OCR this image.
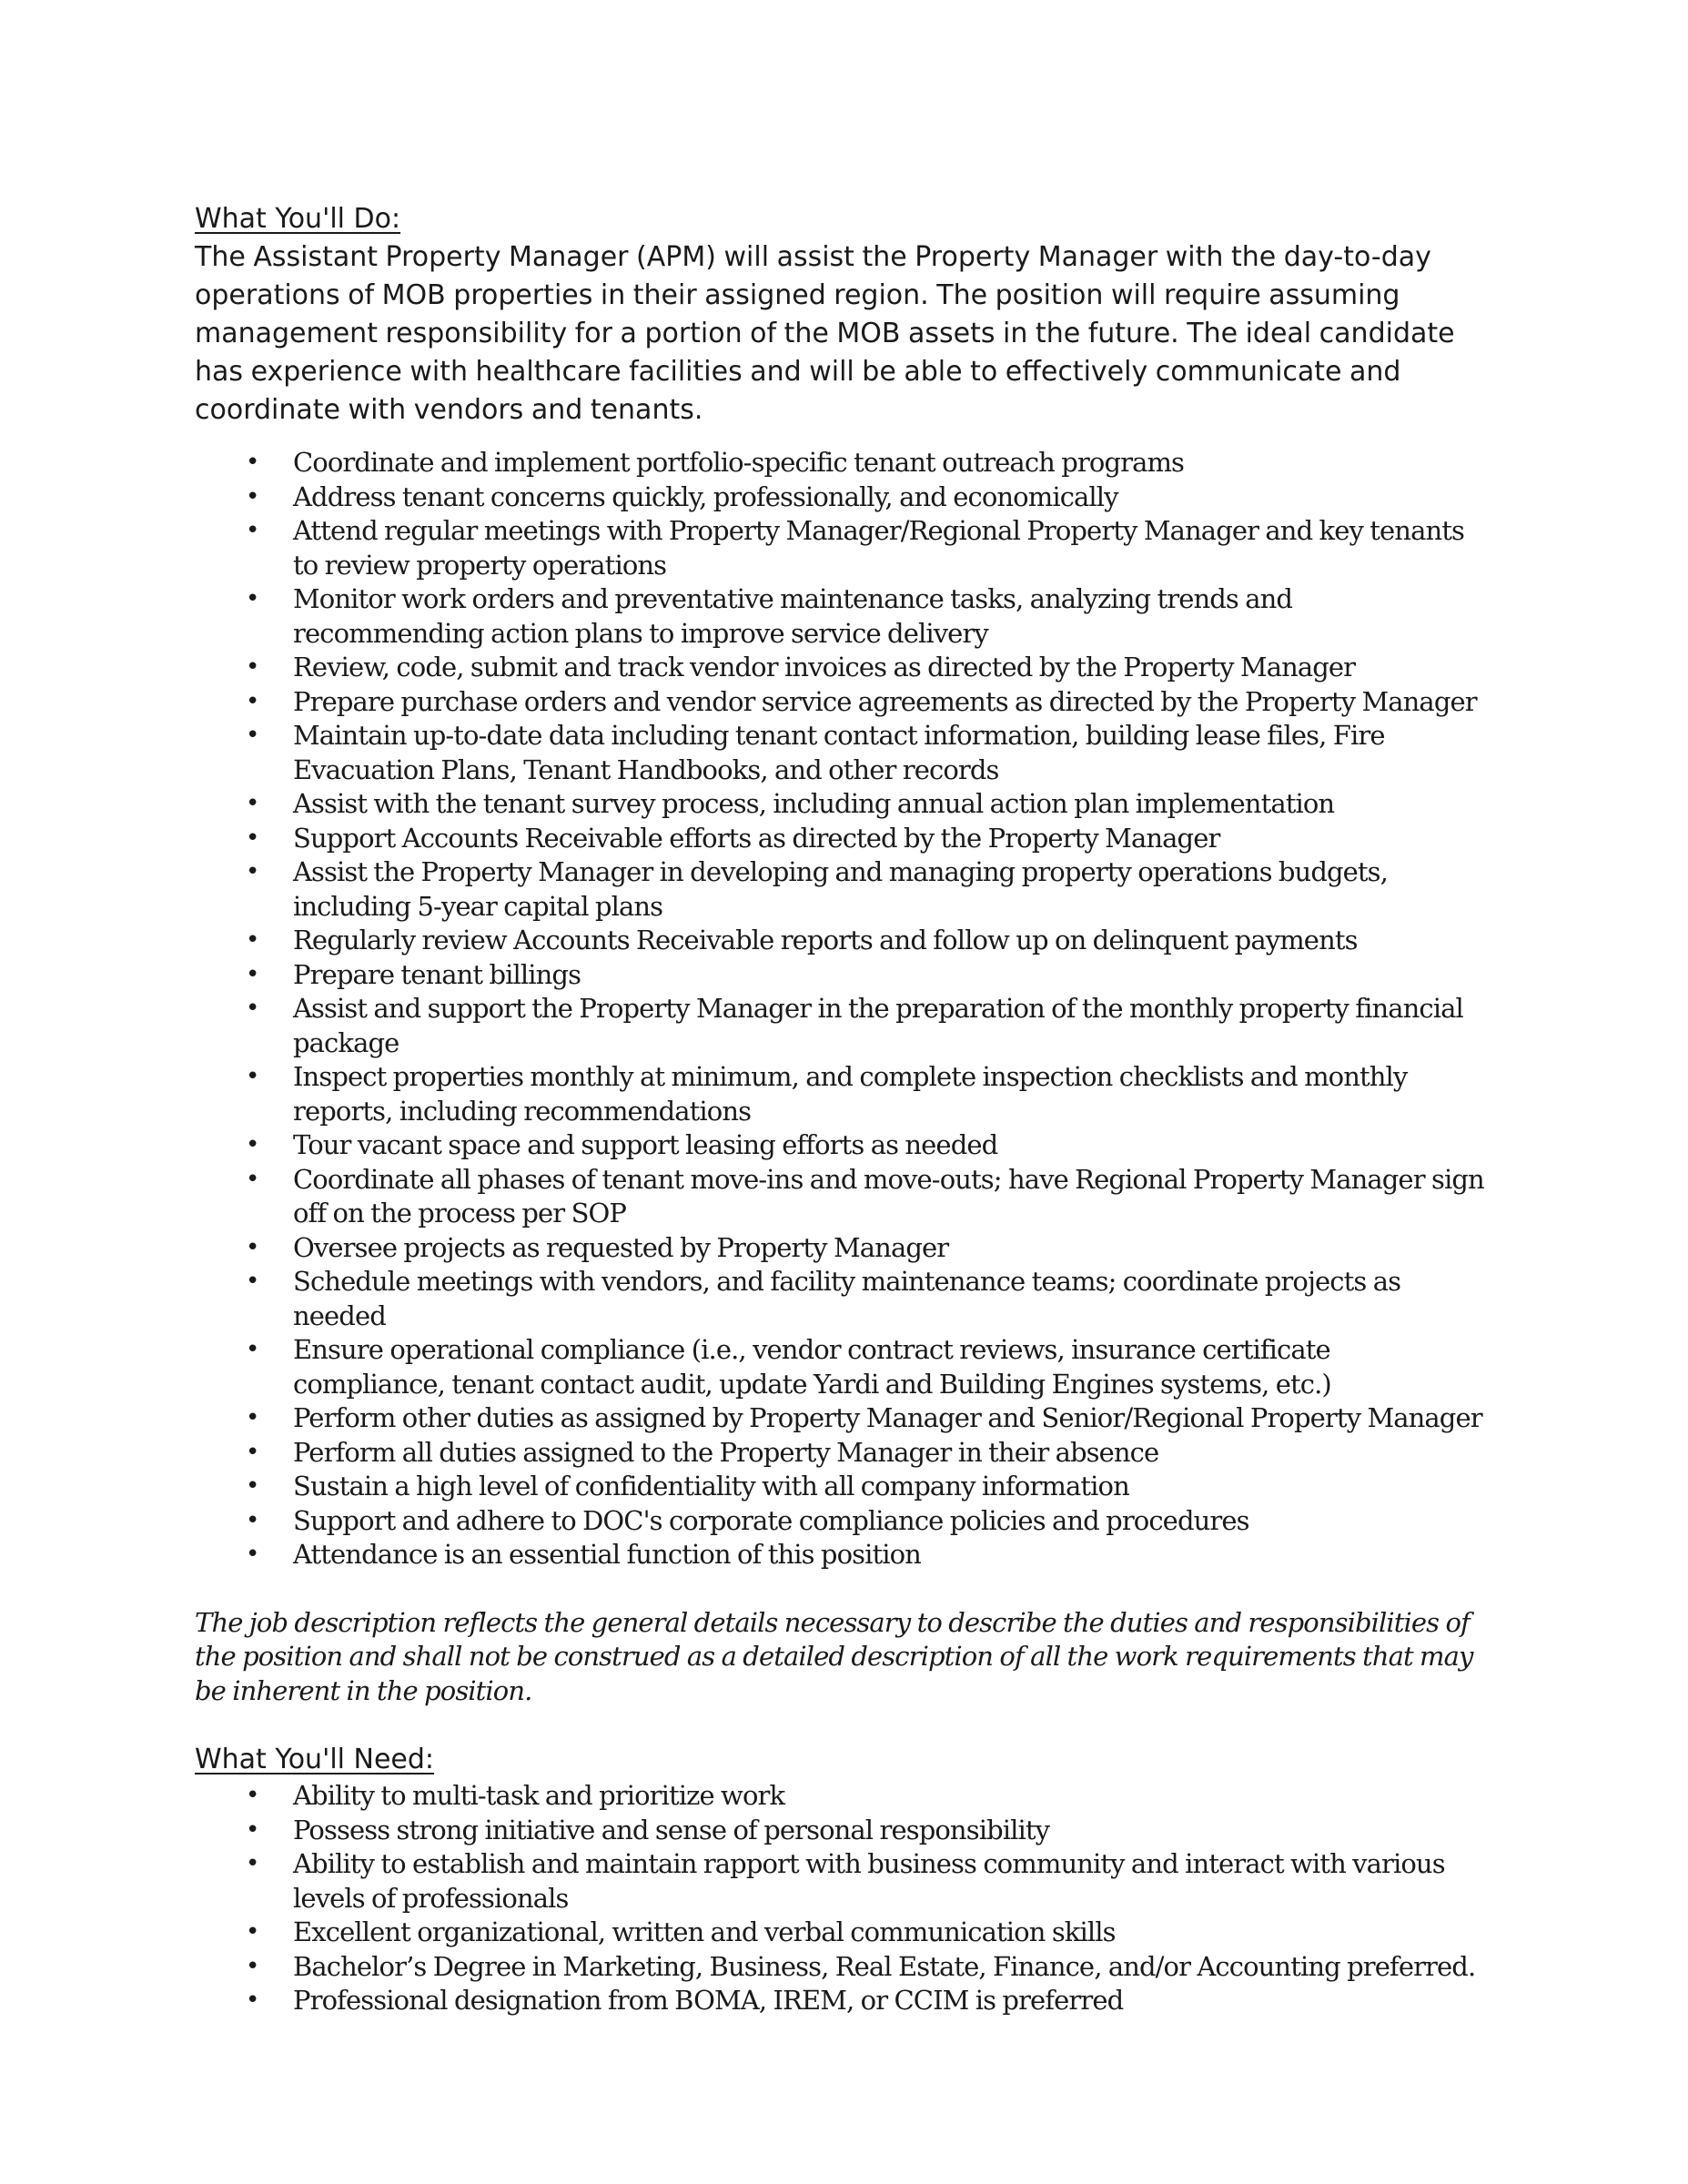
What You'll Do:

The Assistant Property Manager (APM) will assist the Property Manager with the day-to-day operations of MOB properties in their assigned region. The position will require assuming management responsibility for a portion of the MOB assets in the future. The ideal candidate has experience with healthcare facilities and will be able to effectively communicate and coordinate with vendors and tenants.

• Coordinate and implement portfolio-specific tenant outreach programs
• Address tenant concerns quickly, professionally, and economically
• Attend regular meetings with Property Manager/Regional Property Manager and key tenants to review property operations
• Monitor work orders and preventative maintenance tasks, analyzing trends and recommending action plans to improve service delivery
• Review, code, submit and track vendor invoices as directed by the Property Manager
• Prepare purchase orders and vendor service agreements as directed by the Property Manager
• Maintain up-to-date data including tenant contact information, building lease files, Fire Evacuation Plans, Tenant Handbooks, and other records
• Assist with the tenant survey process, including annual action plan implementation
• Support Accounts Receivable efforts as directed by the Property Manager
• Assist the Property Manager in developing and managing property operations budgets, including 5-year capital plans
• Regularly review Accounts Receivable reports and follow up on delinquent payments
• Prepare tenant billings
• Assist and support the Property Manager in the preparation of the monthly property financial package
• Inspect properties monthly at minimum, and complete inspection checklists and monthly reports, including recommendations
• Tour vacant space and support leasing efforts as needed
• Coordinate all phases of tenant move-ins and move-outs; have Regional Property Manager sign off on the process per SOP
• Oversee projects as requested by Property Manager
• Schedule meetings with vendors, and facility maintenance teams; coordinate projects as needed
• Ensure operational compliance (i.e., vendor contract reviews, insurance certificate compliance, tenant contact audit, update Yardi and Building Engines systems, etc.)
• Perform other duties as assigned by Property Manager and Senior/Regional Property Manager
• Perform all duties assigned to the Property Manager in their absence
• Sustain a high level of confidentiality with all company information
• Support and adhere to DOC's corporate compliance policies and procedures
• Attendance is an essential function of this position

The job description reflects the general details necessary to describe the duties and responsibilities of the position and shall not be construed as a detailed description of all the work requirements that may be inherent in the position.

What You'll Need:
• Ability to multi-task and prioritize work
• Possess strong initiative and sense of personal responsibility
• Ability to establish and maintain rapport with business community and interact with various levels of professionals
• Excellent organizational, written and verbal communication skills
• Bachelor’s Degree in Marketing, Business, Real Estate, Finance, and/or Accounting preferred.
• Professional designation from BOMA, IREM, or CCIM is preferred
